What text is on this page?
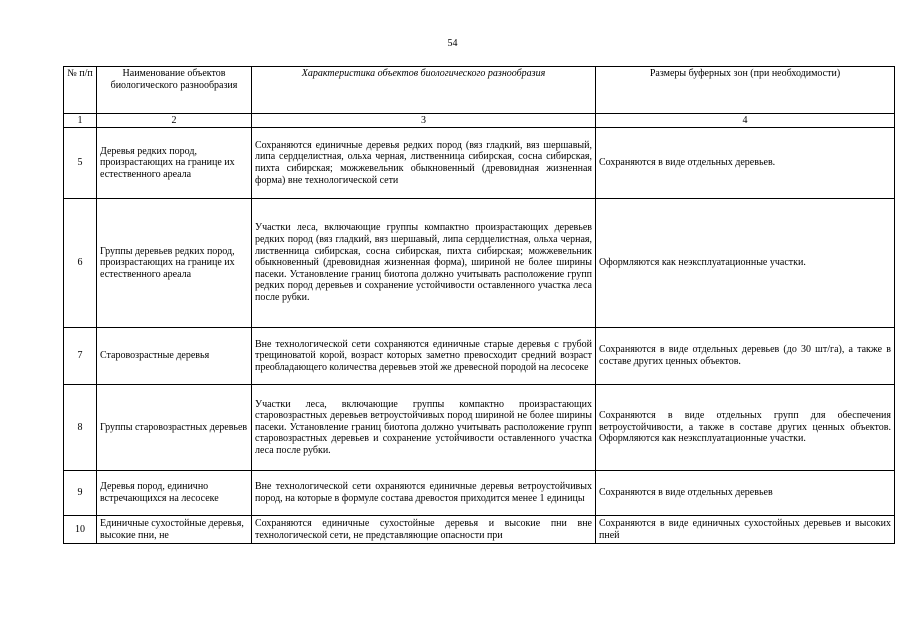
54
№ п/п	Наименование объектов биологического разнообразия	Характеристика объектов биологического разнообразия	Размеры буферных зон (при необходимости)
1	2	3	4
5	Деревья редких пород, произрастающих на границе их естественного ареала	Сохраняются единичные деревья редких пород (вяз гладкий, вяз шершавый, липа сердцелистная, ольха черная, лиственница сибирская, сосна сибирская, пихта сибирская; можжевельник обыкновенный (древовидная жизненная форма) вне технологической сети	Сохраняются в виде отдельных деревьев.
6	Группы деревьев редких пород, произрастающих на границе их естественного ареала	Участки леса, включающие группы компактно произрастающих деревьев редких пород (вяз гладкий, вяз шершавый, липа сердцелистная, ольха черная, лиственница сибирская, сосна сибирская, пихта сибирская; можжевельник обыкновенный (древовидная жизненная форма), шириной не более ширины пасеки. Установление границ биотопа должно учитывать расположение групп редких пород деревьев и сохранение устойчивости оставленного участка леса после рубки.	Оформляются как неэксплуатационные участки.
7	Старовозрастные деревья	Вне технологической сети сохраняются единичные старые деревья с грубой трещиноватой корой, возраст которых заметно превосходит средний возраст преобладающего количества деревьев этой же древесной породой на лесосеке	Сохраняются в виде отдельных деревьев (до 30 шт/га), а также в составе других ценных объектов.
8	Группы старовозрастных деревьев	Участки леса, включающие группы компактно произрастающих старовозрастных деревьев ветроустойчивых пород шириной не более ширины пасеки. Установление границ биотопа должно учитывать расположение групп старовозрастных деревьев и сохранение устойчивости оставленного участка леса после рубки.	Сохраняются в виде отдельных групп для обеспечения ветроустойчивости, а также в составе других ценных объектов. Оформляются как неэксплуатационные участки.
9	Деревья пород, единично встречающихся на лесосеке	Вне технологической сети охраняются единичные деревья ветроустойчивых пород, на которые в формуле состава древостоя приходится менее 1 единицы	Сохраняются в виде отдельных деревьев
10	Единичные сухостойные деревья, высокие пни, не	Сохраняются единичные сухостойные деревья и высокие пни вне технологической сети, не представляющие опасности при	Сохраняются в виде единичных сухостойных деревьев и высоких пней
